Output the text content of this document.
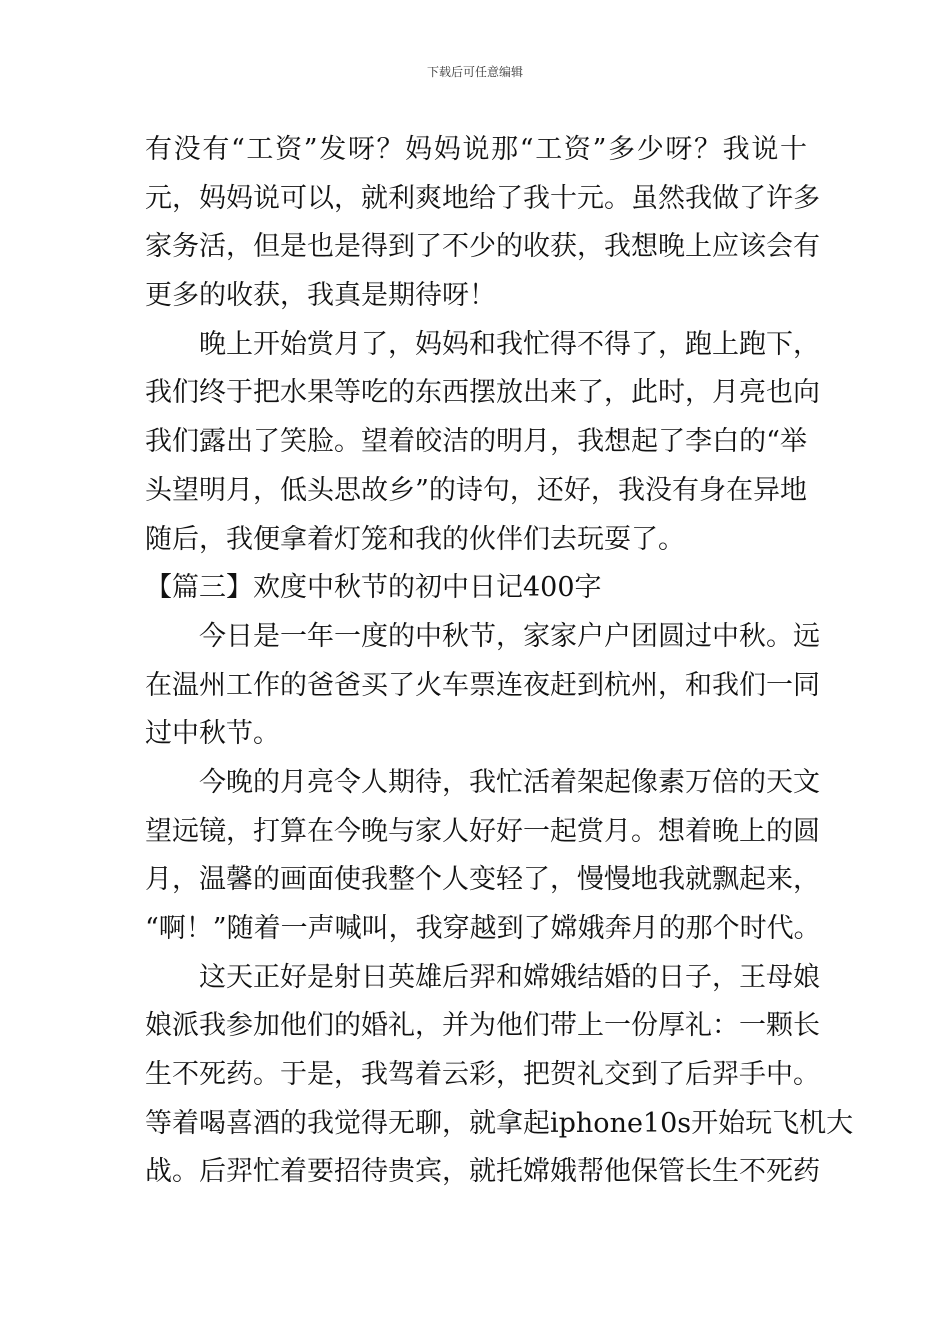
下载后可任意编辑
有没有“工资”发呀？妈妈说那“工资”多少呀？我说十
元，妈妈说可以，就利爽地给了我十元。虽然我做了许多
家务活，但是也是得到了不少的收获，我想晚上应该会有
更多的收获，我真是期待呀！
晚上开始赏月了，妈妈和我忙得不得了，跑上跑下，
我们终于把水果等吃的东西摆放出来了，此时，月亮也向
我们露出了笑脸。望着皎洁的明月，我想起了李白的“举
头望明月，低头思故乡”的诗句，还好，我没有身在异地
随后，我便拿着灯笼和我的伙伴们去玩耍了。
【篇三】欢度中秋节的初中日记400字
今日是一年一度的中秋节，家家户户团圆过中秋。远
在温州工作的爸爸买了火车票连夜赶到杭州，和我们一同
过中秋节。
今晚的月亮令人期待，我忙活着架起像素万倍的天文
望远镜，打算在今晚与家人好好一起赏月。想着晚上的圆
月，温馨的画面使我整个人变轻了，慢慢地我就飘起来，
“啊！”随着一声喊叫，我穿越到了嫦娥奔月的那个时代。
这天正好是射日英雄后羿和嫦娥结婚的日子，王母娘
娘派我参加他们的婚礼，并为他们带上一份厚礼：一颗长
生不死药。于是，我驾着云彩，把贺礼交到了后羿手中。
等着喝喜酒的我觉得无聊，就拿起iphone10s开始玩飞机大
战。后羿忙着要招待贵宾，就托嫦娥帮他保管长生不死药
